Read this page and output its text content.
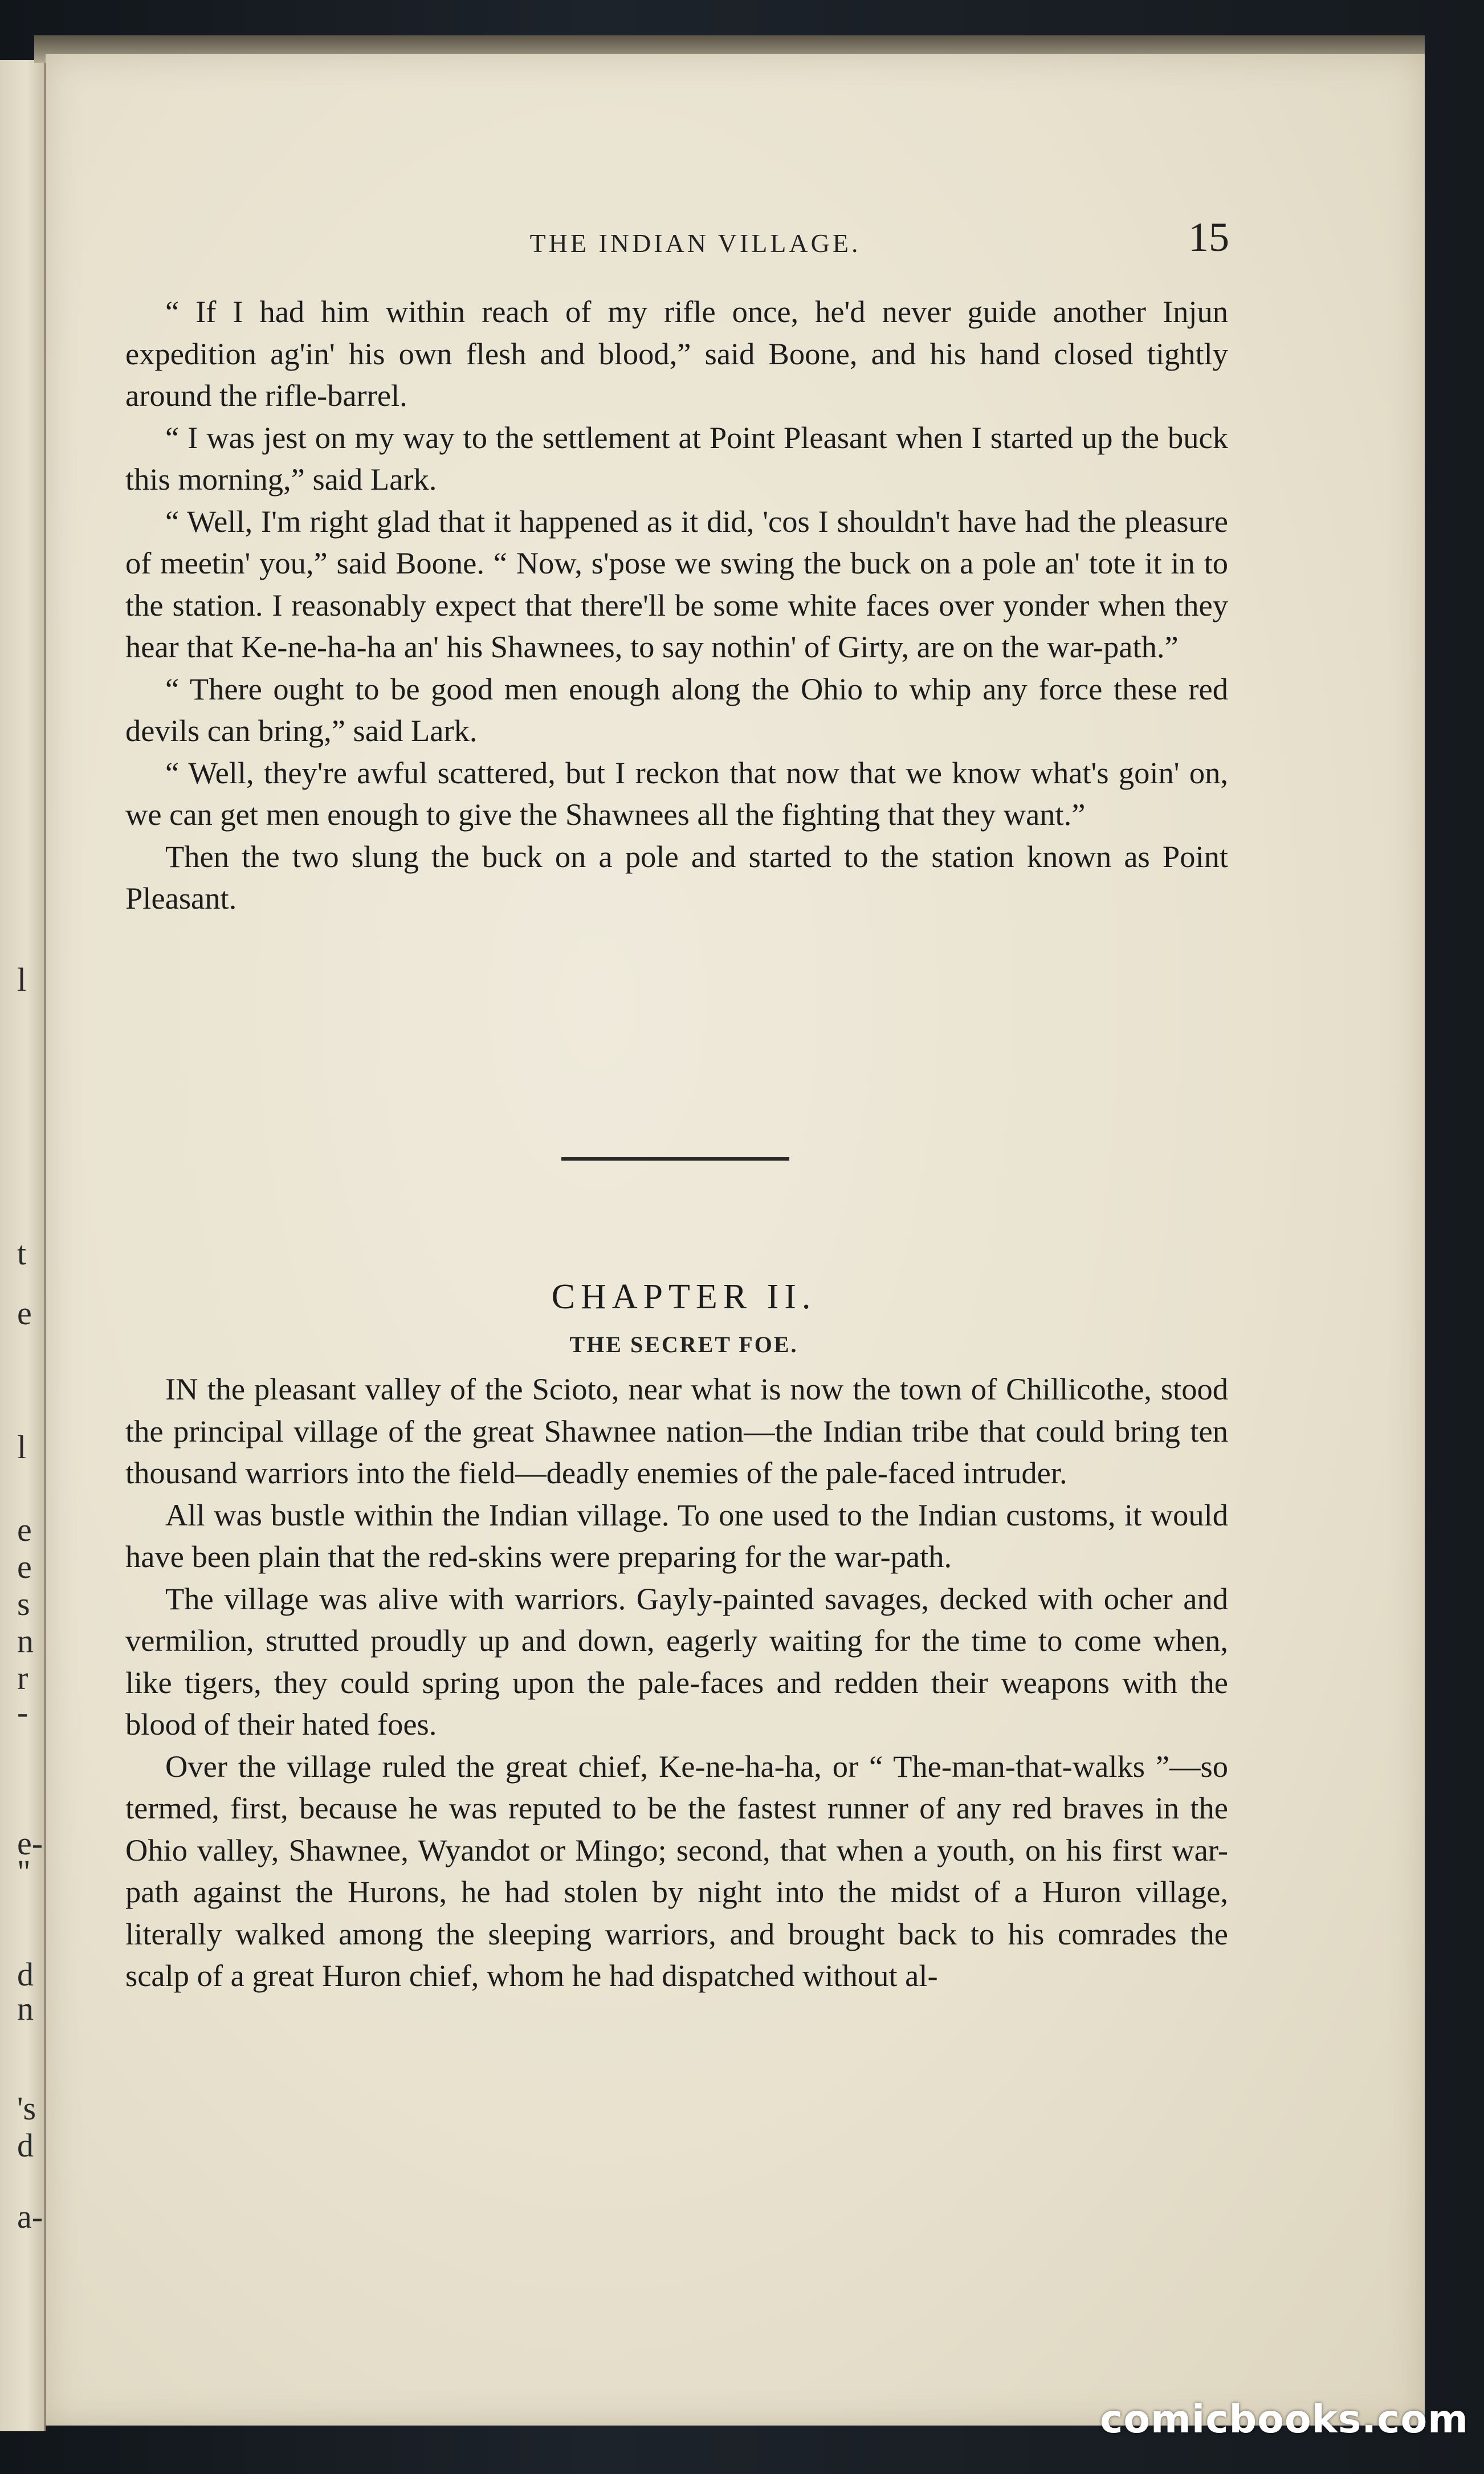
l
t
e
l
e
e
s
n
r
-
e-
"
d
n
's
d
a-
THE INDIAN VILLAGE.	15

“ If I had him within reach of my rifle once, he'd never guide another Injun expedition ag'in' his own flesh and blood,” said Boone, and his hand closed tightly around the rifle-barrel.

“ I was jest on my way to the settlement at Point Pleasant when I started up the buck this morning,” said Lark.

“ Well, I'm right glad that it happened as it did, 'cos I shouldn't have had the pleasure of meetin' you,” said Boone. “ Now, s'pose we swing the buck on a pole an' tote it in to the station. I reasonably expect that there'll be some white faces over yonder when they hear that Ke-ne-ha-ha an' his Shawnees, to say nothin' of Girty, are on the war-path.”

“ There ought to be good men enough along the Ohio to whip any force these red devils can bring,” said Lark.

“ Well, they're awful scattered, but I reckon that now that we know what's goin' on, we can get men enough to give the Shawnees all the fighting that they want.”

Then the two slung the buck on a pole and started to the station known as Point Pleasant.

CHAPTER II.
THE SECRET FOE.

IN the pleasant valley of the Scioto, near what is now the town of Chillicothe, stood the principal village of the great Shawnee nation—the Indian tribe that could bring ten thousand warriors into the field—deadly enemies of the pale-faced intruder.

All was bustle within the Indian village. To one used to the Indian customs, it would have been plain that the red-skins were preparing for the war-path.

The village was alive with warriors. Gayly-painted savages, decked with ocher and vermilion, strutted proudly up and down, eagerly waiting for the time to come when, like tigers, they could spring upon the pale-faces and redden their weapons with the blood of their hated foes.

Over the village ruled the great chief, Ke-ne-ha-ha, or “ The-man-that-walks ”—so termed, first, because he was reputed to be the fastest runner of any red braves in the Ohio valley, Shawnee, Wyandot or Mingo; second, that when a youth, on his first war-path against the Hurons, he had stolen by night into the midst of a Huron village, literally walked among the sleeping warriors, and brought back to his comrades the scalp of a great Huron chief, whom he had dispatched without al-

comicbooks.com
